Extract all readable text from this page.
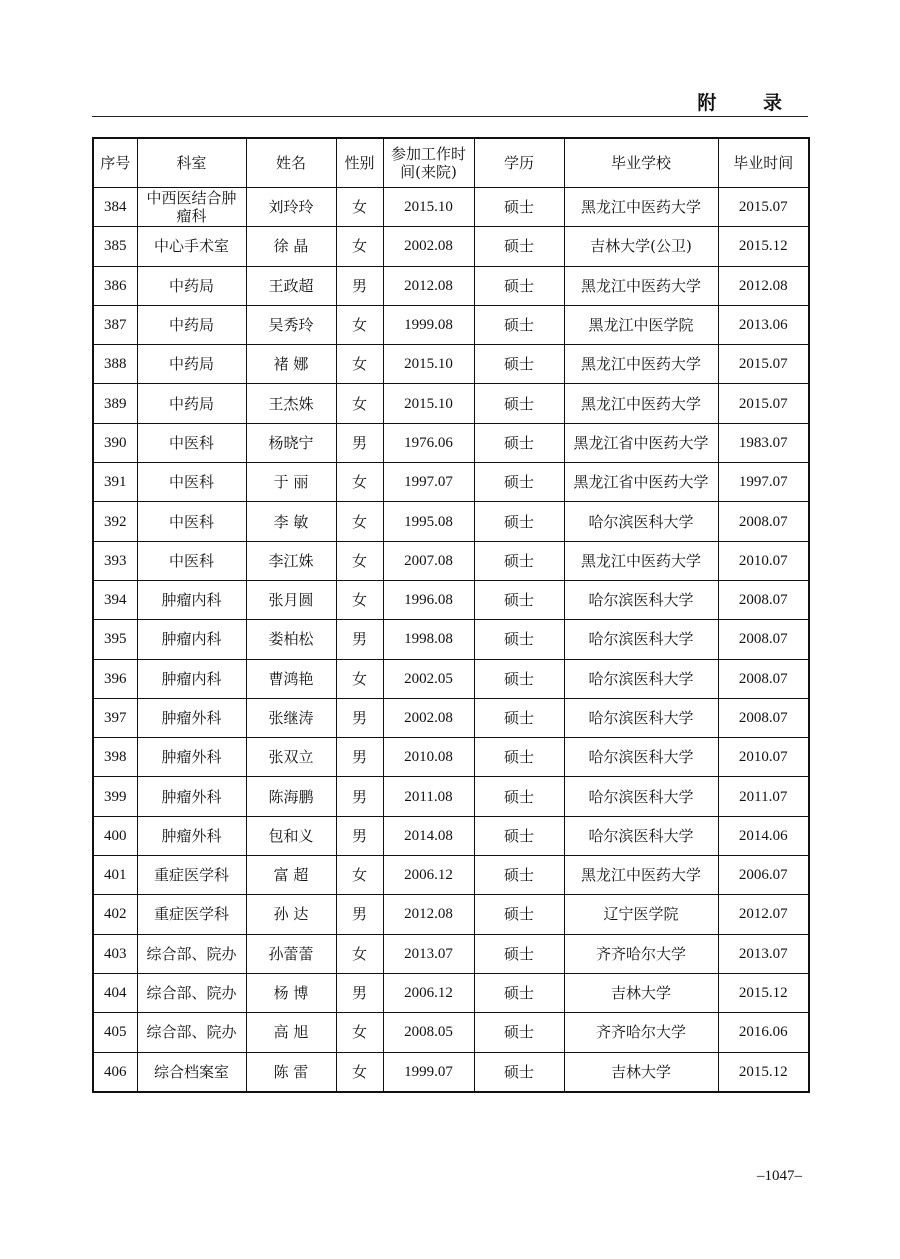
附 录
序号	科室	姓名	性别	参加工作时间(来院)	学历	毕业学校	毕业时间
384	中西医结合肿瘤科	刘玲玲	女	2015.10	硕士	黑龙江中医药大学	2015.07
385	中心手术室	徐 晶	女	2002.08	硕士	吉林大学(公卫)	2015.12
386	中药局	王政超	男	2012.08	硕士	黑龙江中医药大学	2012.08
387	中药局	吴秀玲	女	1999.08	硕士	黑龙江中医学院	2013.06
388	中药局	褚 娜	女	2015.10	硕士	黑龙江中医药大学	2015.07
389	中药局	王杰姝	女	2015.10	硕士	黑龙江中医药大学	2015.07
390	中医科	杨晓宁	男	1976.06	硕士	黑龙江省中医药大学	1983.07
391	中医科	于 丽	女	1997.07	硕士	黑龙江省中医药大学	1997.07
392	中医科	李 敏	女	1995.08	硕士	哈尔滨医科大学	2008.07
393	中医科	李江姝	女	2007.08	硕士	黑龙江中医药大学	2010.07
394	肿瘤内科	张月圆	女	1996.08	硕士	哈尔滨医科大学	2008.07
395	肿瘤内科	娄柏松	男	1998.08	硕士	哈尔滨医科大学	2008.07
396	肿瘤内科	曹鸿艳	女	2002.05	硕士	哈尔滨医科大学	2008.07
397	肿瘤外科	张继涛	男	2002.08	硕士	哈尔滨医科大学	2008.07
398	肿瘤外科	张双立	男	2010.08	硕士	哈尔滨医科大学	2010.07
399	肿瘤外科	陈海鹏	男	2011.08	硕士	哈尔滨医科大学	2011.07
400	肿瘤外科	包和义	男	2014.08	硕士	哈尔滨医科大学	2014.06
401	重症医学科	富 超	女	2006.12	硕士	黑龙江中医药大学	2006.07
402	重症医学科	孙 达	男	2012.08	硕士	辽宁医学院	2012.07
403	综合部、院办	孙蕾蕾	女	2013.07	硕士	齐齐哈尔大学	2013.07
404	综合部、院办	杨 博	男	2006.12	硕士	吉林大学	2015.12
405	综合部、院办	高 旭	女	2008.05	硕士	齐齐哈尔大学	2016.06
406	综合档案室	陈 雷	女	1999.07	硕士	吉林大学	2015.12
–1047–
